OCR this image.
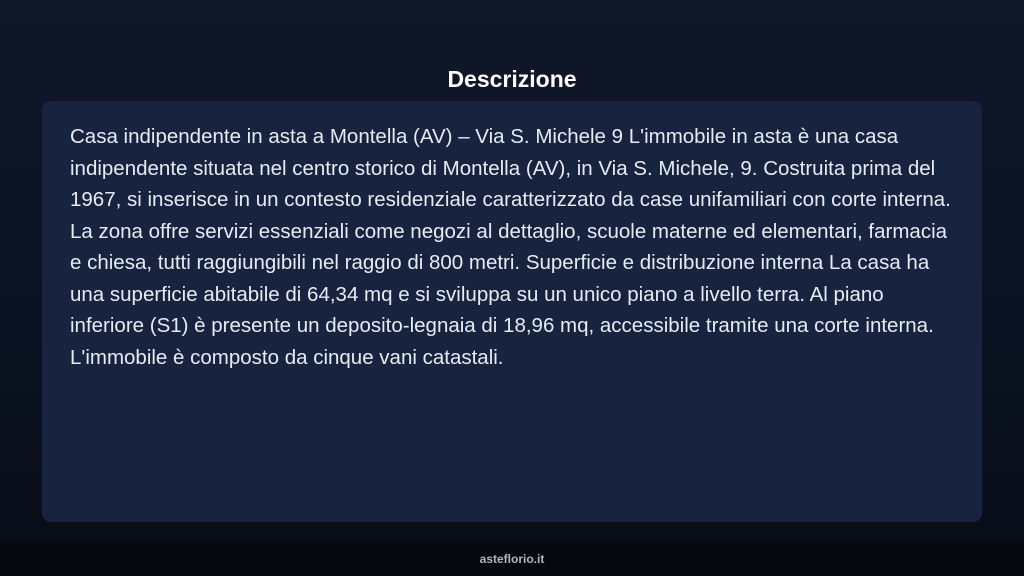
Descrizione

Casa indipendente in asta a Montella (AV) – Via S. Michele 9 L'immobile in asta è una casa indipendente situata nel centro storico di Montella (AV), in Via S. Michele, 9. Costruita prima del 1967, si inserisce in un contesto residenziale caratterizzato da case unifamiliari con corte interna. La zona offre servizi essenziali come negozi al dettaglio, scuole materne ed elementari, farmacia e chiesa, tutti raggiungibili nel raggio di 800 metri. Superficie e distribuzione interna La casa ha una superficie abitabile di 64,34 mq e si sviluppa su un unico piano a livello terra. Al piano inferiore (S1) è presente un deposito-legnaia di 18,96 mq, accessibile tramite una corte interna. L'immobile è composto da cinque vani catastali.

asteflorio.it
